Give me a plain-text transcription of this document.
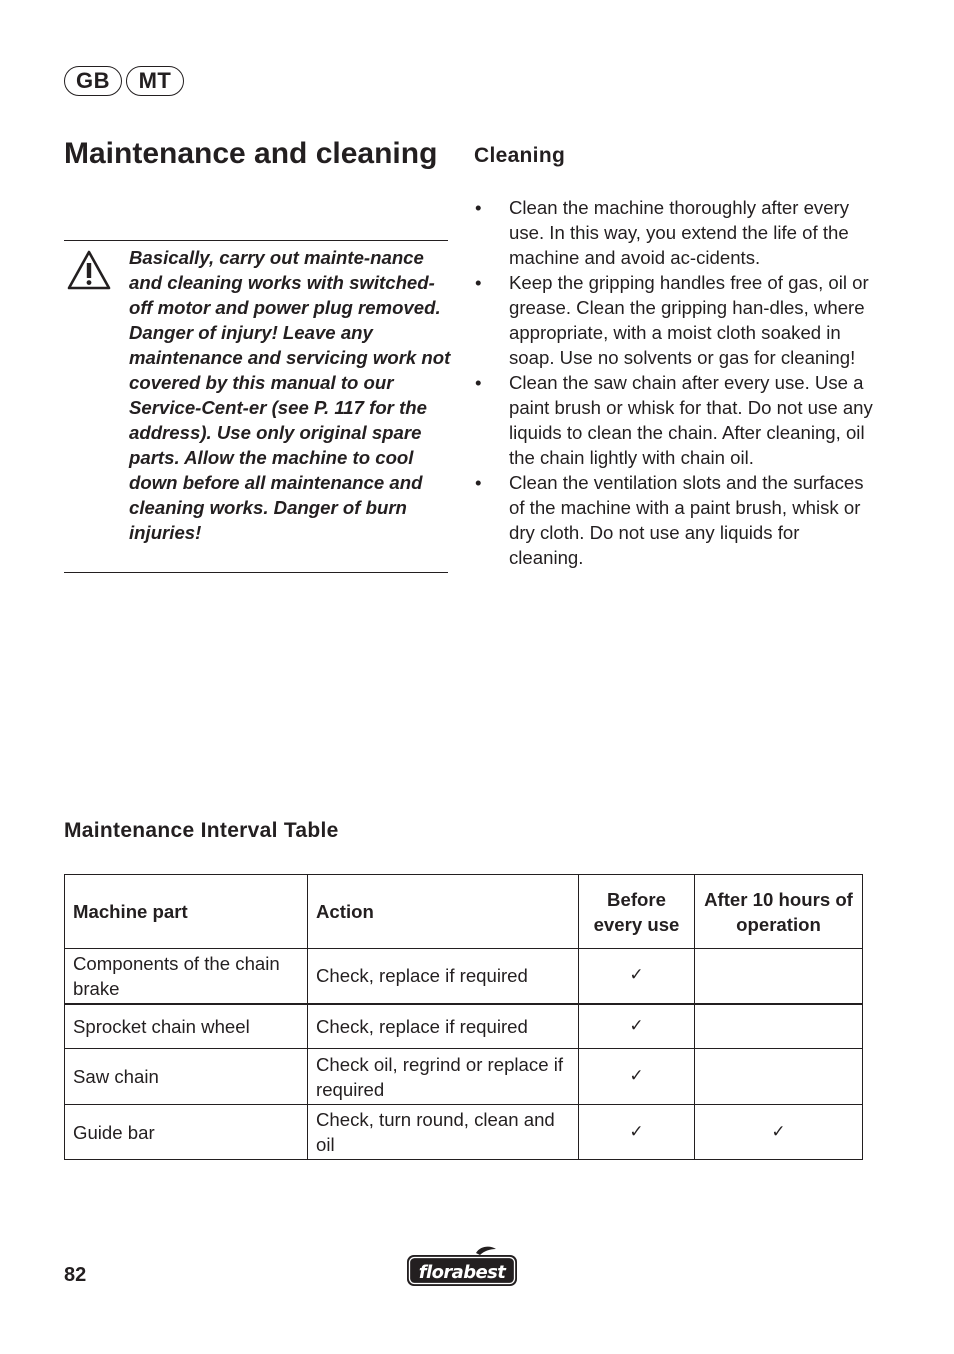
GB	MT
Maintenance and cleaning

Basically, carry out mainte-nance and cleaning works with switched-off motor and power plug removed. Danger of injury! Leave any maintenance and servicing work not covered by this manual to our Service-Cent-er (see P. 117 for the address). Use only original spare parts. Allow the machine to cool down before all maintenance and cleaning works. Danger of burn injuries!

Cleaning
• Clean the machine thoroughly after every use. In this way, you extend the life of the machine and avoid ac-cidents.
• Keep the gripping handles free of gas, oil or grease. Clean the gripping han-dles, where appropriate, with a moist cloth soaked in soap. Use no solvents or gas for cleaning!
• Clean the saw chain after every use. Use a paint brush or whisk for that. Do not use any liquids to clean the chain. After cleaning, oil the chain lightly with chain oil.
• Clean the ventilation slots and the surfaces of the machine with a paint brush, whisk or dry cloth. Do not use any liquids for cleaning.
Maintenance Interval Table
Machine part	Action	Before every use	After 10 hours of operation
Components of the chain brake	Check, replace if required	✓	
Sprocket chain wheel	Check, replace if required	✓	
Saw chain	Check oil, regrind or replace if required	✓	
Guide bar	Check, turn round, clean and oil	✓	✓
82	florabest
